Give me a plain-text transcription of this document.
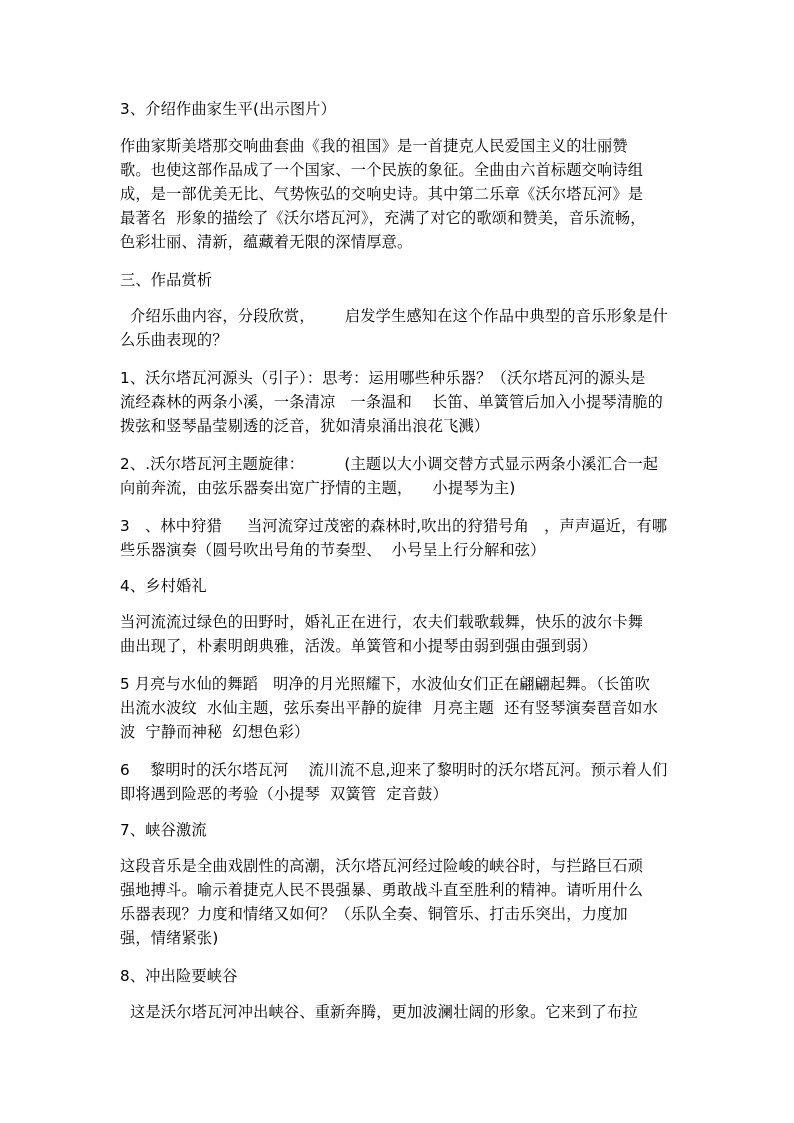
3、介绍作曲家生平(出示图片）
作曲家斯美塔那交响曲套曲《我的祖国》是一首捷克人民爱国主义的壮丽赞
歌。也使这部作品成了一个国家、一个民族的象征。全曲由六首标题交响诗组
成，是一部优美无比、气势恢弘的交响史诗。其中第二乐章《沃尔塔瓦河》是
最著名  形象的描绘了《沃尔塔瓦河》，充满了对它的歌颂和赞美，音乐流畅，
色彩壮丽、清新，蕴藏着无限的深情厚意。
三、作品赏析
介绍乐曲内容，分段欣赏，      启发学生感知在这个作品中典型的音乐形象是什
么乐曲表现的？
1、沃尔塔瓦河源头（引子）：思考：运用哪些种乐器？（沃尔塔瓦河的源头是
流经森林的两条小溪，一条清凉   一条温和    长笛、单簧管后加入小提琴清脆的
拨弦和竖琴晶莹剔透的泛音，犹如清泉涌出浪花飞溅）
2、.沃尔塔瓦河主题旋律：        (主题以大小调交替方式显示两条小溪汇合一起
向前奔流，由弦乐器奏出宽广抒情的主题，    小提琴为主)
3   、林中狩猎     当河流穿过茂密的森林时,吹出的狩猎号角   ，声声逼近，有哪
些乐器演奏（圆号吹出号角的节奏型、  小号呈上行分解和弦）
4、乡村婚礼
当河流流过绿色的田野时，婚礼正在进行，农夫们载歌载舞，快乐的波尔卡舞
曲出现了，朴素明朗典雅，活泼。单簧管和小提琴由弱到强由强到弱）
5 月亮与水仙的舞蹈   明净的月光照耀下，水波仙女们正在翩翩起舞。（长笛吹
出流水波纹  水仙主题，弦乐奏出平静的旋律  月亮主题  还有竖琴演奏琶音如水
波  宁静而神秘  幻想色彩）
6    黎明时的沃尔塔瓦河    流川流不息,迎来了黎明时的沃尔塔瓦河。预示着人们
即将遇到险恶的考验（小提琴  双簧管  定音鼓）
7、峡谷激流
这段音乐是全曲戏剧性的高潮，沃尔塔瓦河经过险峻的峡谷时，与拦路巨石顽
强地搏斗。喻示着捷克人民不畏强暴、勇敢战斗直至胜利的精神。请听用什么
乐器表现？力度和情绪又如何？（乐队全奏、铜管乐、打击乐突出，力度加
强，情绪紧张)
8、冲出险要峡谷
这是沃尔塔瓦河冲出峡谷、重新奔腾，更加波澜壮阔的形象。它来到了布拉
